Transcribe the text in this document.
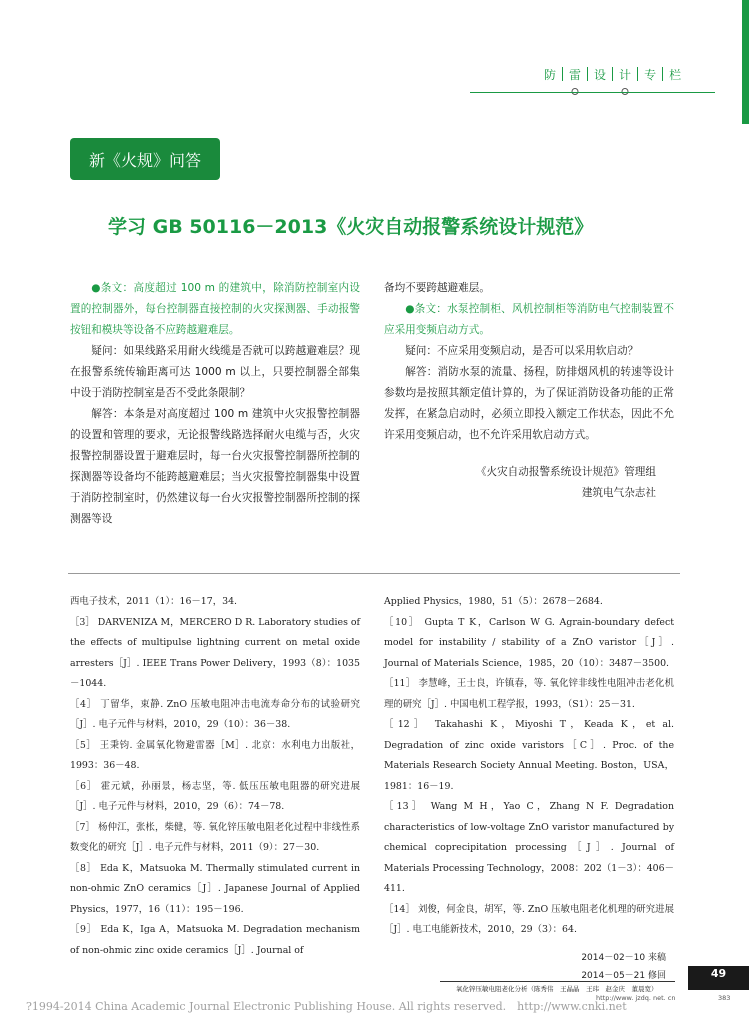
防	雷	设	计	专	栏
新《火规》问答
学习 GB 50116－2013《火灾自动报警系统设计规范》

●条文：高度超过 100 m 的建筑中，除消防控制室内设置的控制器外，每台控制器直接控制的火灾探测器、手动报警按钮和模块等设备不应跨越避难层。

疑问：如果线路采用耐火线缆是否就可以跨越避难层？现在报警系统传输距离可达 1000 m 以上，只要控制器全部集中设于消防控制室是否不受此条限制？

解答：本条是对高度超过 100 m 建筑中火灾报警控制器的设置和管理的要求，无论报警线路选择耐火电缆与否，火灾报警控制器设置于避难层时，每一台火灾报警控制器所控制的探测器等设备均不能跨越避难层；当火灾报警控制器集中设置于消防控制室时，仍然建议每一台火灾报警控制器所控制的探测器等设

备均不要跨越避难层。

●条文：水泵控制柜、风机控制柜等消防电气控制装置不应采用变频启动方式。

疑问：不应采用变频启动，是否可以采用软启动？

解答：消防水泵的流量、扬程，防排烟风机的转速等设计参数均是按照其额定值计算的，为了保证消防设备功能的正常发挥，在紧急启动时，必须立即投入额定工作状态，因此不允许采用变频启动，也不允许采用软启动方式。

《火灾自动报警系统设计规范》管理组
建筑电气杂志社

西电子技术，2011（1）：16－17，34.

［3］ DARVENIZA M，MERCERO D R. Laboratory studies of the effects of multipulse lightning current on metal oxide arresters［J］. IEEE Trans Power Delivery，1993（8）：1035－1044.

［4］ 丁留华，束静. ZnO 压敏电阻冲击电流寿命分布的试验研究［J］. 电子元件与材料，2010，29（10）：36－38.

［5］ 王秉钧. 金属氧化物避雷器［M］. 北京：水利电力出版社，1993：36－48.

［6］ 霍元斌，孙丽景，杨志坚，等. 低压压敏电阻器的研究进展［J］. 电子元件与材料，2010，29（6）：74－78.

［7］ 杨仲江，张枨，柴健，等. 氧化锌压敏电阻老化过程中非线性系数变化的研究［J］. 电子元件与材料，2011（9）：27－30.

［8］ Eda K，Matsuoka M. Thermally stimulated current in non-ohmic ZnO ceramics［J］. Japanese Journal of Applied Physics，1977，16（11）：195－196.

［9］ Eda K，Iga A，Matsuoka M. Degradation mechanism of non-ohmic zinc oxide ceramics［J］. Journal of

Applied Physics，1980，51（5）：2678－2684.

［10］ Gupta T K，Carlson W G. Agrain-boundary defect model for instability / stability of a ZnO varistor［J］. Journal of Materials Science，1985，20（10）：3487－3500.

［11］ 李慧峰，王士良，许镇春，等. 氧化锌非线性电阻冲击老化机理的研究［J］. 中国电机工程学报，1993，（S1）：25－31.

［12］ Takahashi K，Miyoshi T，Keada K，et al. Degradation of zinc oxide varistors［C］. Proc. of the Materials Research Society Annual Meeting. Boston，USA，1981：16－19.

［13］ Wang M H，Yao C，Zhang N F. Degradation characteristics of low-voltage ZnO varistor manufactured by chemical coprecipitation processing［J］. Journal of Materials Processing Technology，2008：202（1－3）：406－411.

［14］ 刘俊，何金良，胡军，等. ZnO 压敏电阻老化机理的研究进展［J］. 电工电能新技术，2010，29（3）：64.

2014－02－10 来稿
2014－05－21 修回	49
氧化锌压敏电阻老化分析（陈秀伟　王晶晶　王玮　赵金庆　董晨宽）
http://www. jzdq. net. cn	383
?1994-2014 China Academic Journal Electronic Publishing House. All rights reserved.　http://www.cnki.net
